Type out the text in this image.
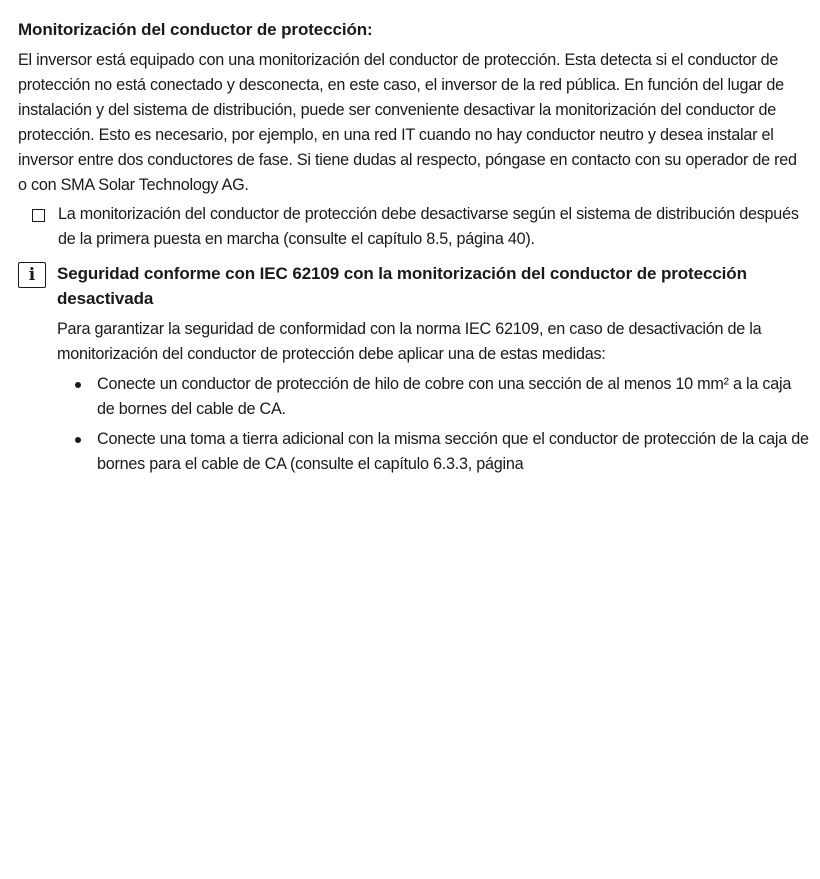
Monitorización del conductor de protección:

El inversor está equipado con una monitorización del conductor de protección. Esta detecta si el conductor de protección no está conectado y desconecta, en este caso, el inversor de la red pública. En función del lugar de instalación y del sistema de distribución, puede ser conveniente desactivar la monitorización del conductor de protección. Esto es necesario, por ejemplo, en una red IT cuando no hay conductor neutro y desea instalar el inversor entre dos conductores de fase. Si tiene dudas al respecto, póngase en contacto con su operador de red o con SMA Solar Technology AG.

La monitorización del conductor de protección debe desactivarse según el sistema de distribución después de la primera puesta en marcha (consulte el capítulo 8.5, página 40).
i Seguridad conforme con IEC 62109 con la monitorización del conductor de protección desactivada

Para garantizar la seguridad de conformidad con la norma IEC 62109, en caso de desactivación de la monitorización del conductor de protección debe aplicar una de estas medidas:

Conecte un conductor de protección de hilo de cobre con una sección de al menos 10 mm² a la caja de bornes del cable de CA.
Conecte una toma a tierra adicional con la misma sección que el conductor de protección de la caja de bornes para el cable de CA (consulte el capítulo 6.3.3, página
